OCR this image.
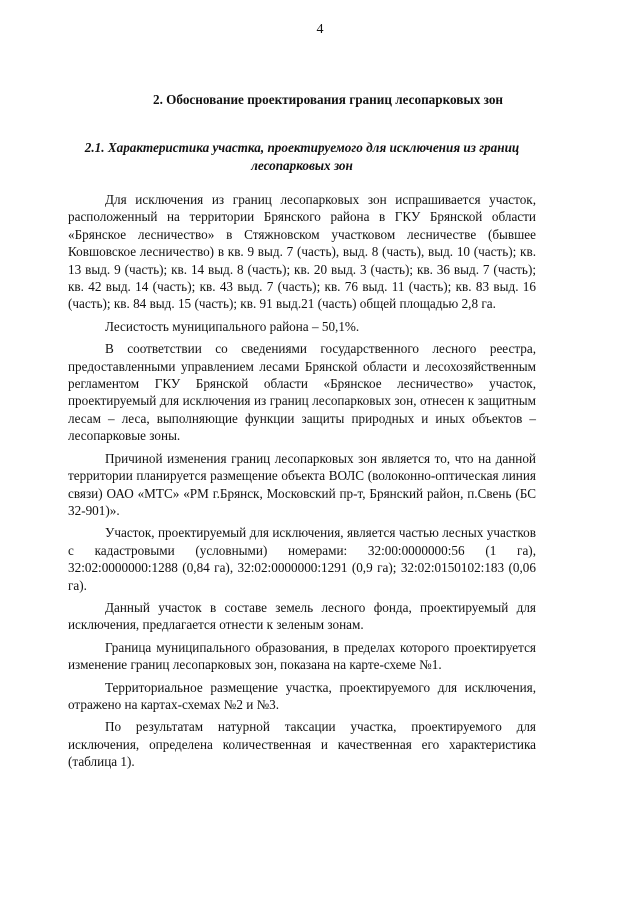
4
2. Обоснование проектирования границ лесопарковых зон
2.1. Характеристика участка, проектируемого для исключения из границ лесопарковых зон

Для исключения из границ лесопарковых зон испрашивается участок, расположенный на территории Брянского района в ГКУ Брянской области «Брянское лесничество» в Стяжновском участковом лесничестве (бывшее Ковшовское лесничество) в кв. 9 выд. 7 (часть), выд. 8 (часть), выд. 10 (часть); кв. 13 выд. 9 (часть); кв. 14 выд. 8 (часть); кв. 20 выд. 3 (часть); кв. 36 выд. 7 (часть); кв. 42 выд. 14 (часть); кв. 43 выд. 7 (часть); кв. 76 выд. 11 (часть); кв. 83 выд. 16 (часть); кв. 84 выд. 15 (часть); кв. 91 выд.21 (часть) общей площадью 2,8 га.

Лесистость муниципального района – 50,1%.

В соответствии со сведениями государственного лесного реестра, предоставленными управлением лесами Брянской области и лесохозяйственным регламентом ГКУ Брянской области «Брянское лесничество» участок, проектируемый для исключения из границ лесопарковых зон, отнесен к защитным лесам – леса, выполняющие функции защиты природных и иных объектов – лесопарковые зоны.

Причиной изменения границ лесопарковых зон является то, что на данной территории планируется размещение объекта ВОЛС (волоконно-оптическая линия связи) ОАО «МТС» «РМ г.Брянск, Московский пр-т, Брянский район, п.Свень (БС 32-901)».

Участок, проектируемый для исключения, является частью лесных участков с кадастровыми (условными) номерами: 32:00:0000000:56 (1 га), 32:02:0000000:1288 (0,84 га), 32:02:0000000:1291 (0,9 га); 32:02:0150102:183 (0,06 га).

Данный участок в составе земель лесного фонда, проектируемый для исключения, предлагается отнести к зеленым зонам.

Граница муниципального образования, в пределах которого проектируется изменение границ лесопарковых зон, показана на карте-схеме №1.

Территориальное размещение участка, проектируемого для исключения, отражено на картах-схемах №2 и №3.

По результатам натурной таксации участка, проектируемого для исключения, определена количественная и качественная его характеристика (таблица 1).
